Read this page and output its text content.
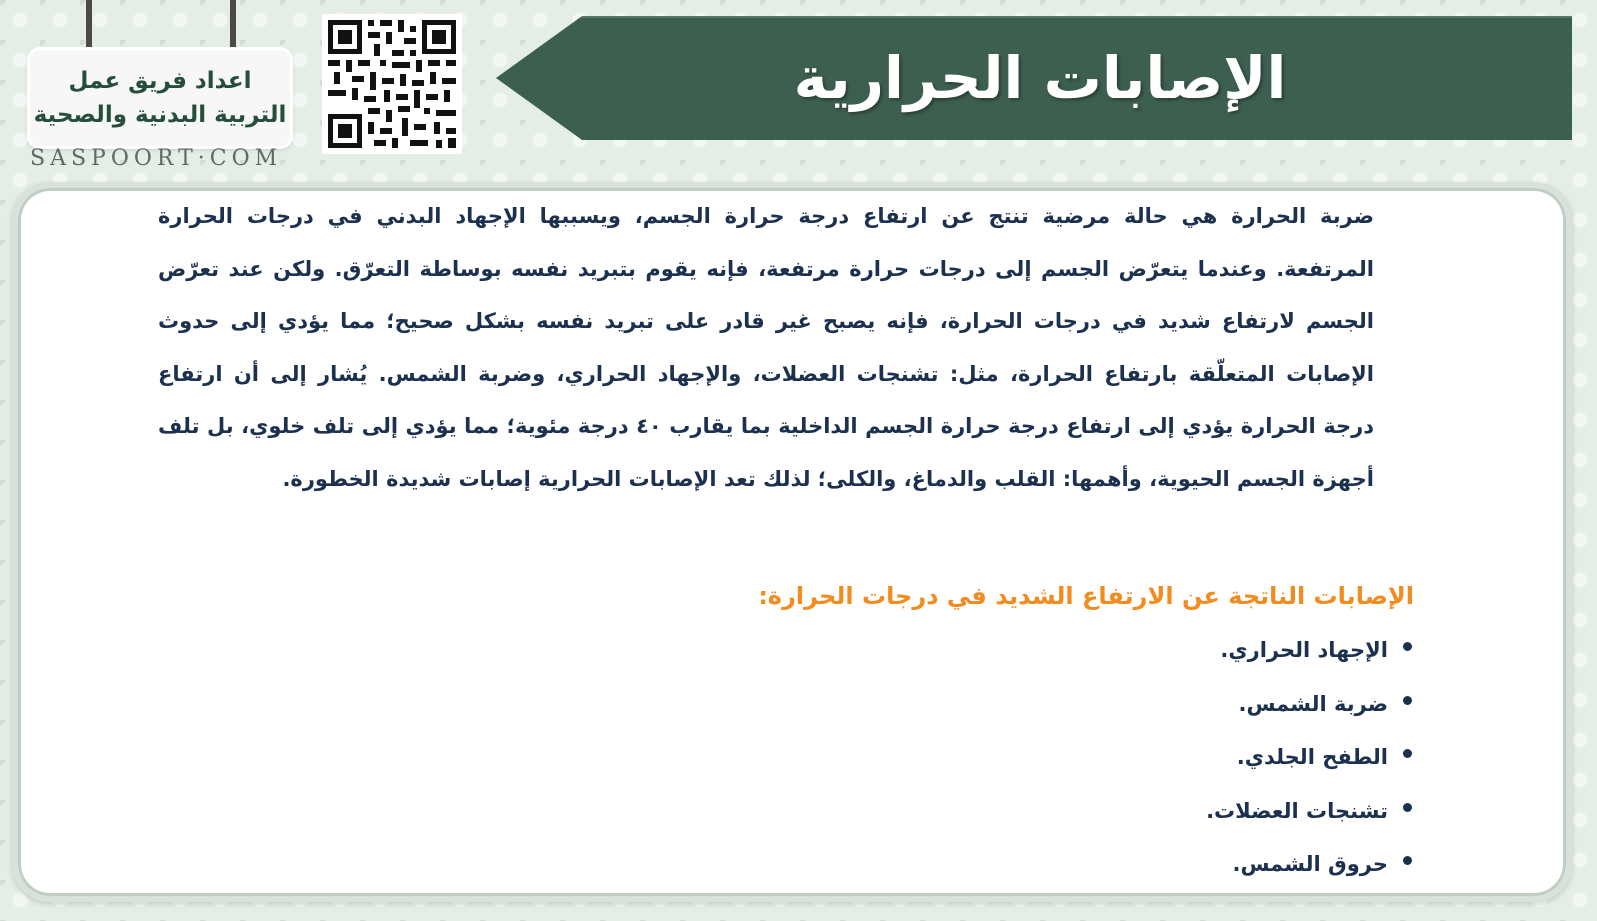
اعداد فريق عمل
التربية البدنية والصحية
SASPOORT·COM
الإصابات الحرارية

ضربة الحرارة هي حالة مرضية تنتج عن ارتفاع درجة حرارة الجسم، ويسببها الإجهاد البدني في درجات الحرارة المرتفعة. وعندما يتعرّض الجسم إلى درجات حرارة مرتفعة، فإنه يقوم بتبريد نفسه بوساطة التعرّق. ولكن عند تعرّض الجسم لارتفاع شديد في درجات الحرارة، فإنه يصبح غير قادر على تبريد نفسه بشكل صحيح؛ مما يؤدي إلى حدوث الإصابات المتعلّقة بارتفاع الحرارة، مثل: تشنجات العضلات، والإجهاد الحراري، وضربة الشمس. يُشار إلى أن ارتفاع درجة الحرارة يؤدي إلى ارتفاع درجة حرارة الجسم الداخلية بما يقارب ٤٠ درجة مئوية؛ مما يؤدي إلى تلف خلوي، بل تلف أجهزة الجسم الحيوية، وأهمها: القلب والدماغ، والكلى؛ لذلك تعد الإصابات الحرارية إصابات شديدة الخطورة.

الإصابات الناتجة عن الارتفاع الشديد في درجات الحرارة:
الإجهاد الحراري.
ضربة الشمس.
الطفح الجلدي.
تشنجات العضلات.
حروق الشمس.
